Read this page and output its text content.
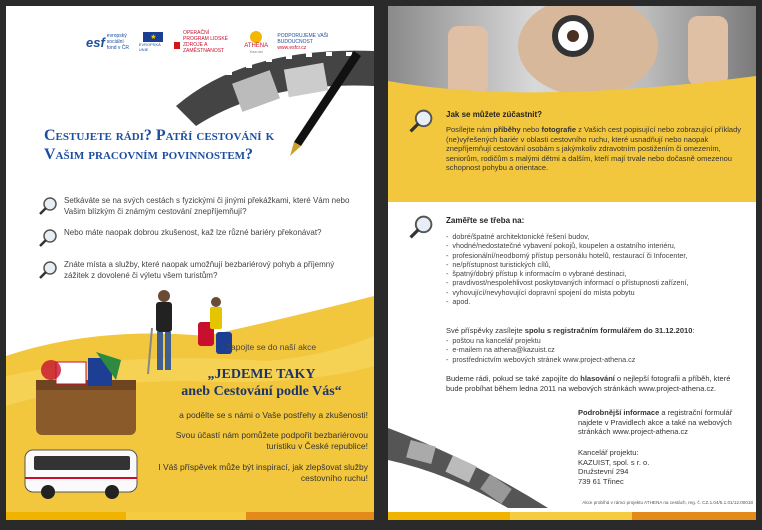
esf evropský sociální fond v ČR
★
EVROPSKÁ UNIE
OPERAČNÍ PROGRAM LIDSKÉ ZDROJE A ZAMĚSTNANOST
ATHENA
Kazuist
PODPORUJEME VAŠI BUDOUCNOST
www.esfcr.cz
Cestujete rádi? Patří cestování k Vašim pracovním povinnostem?
Setkáváte se na svých cestách s fyzickými či jinými překážkami, které Vám nebo Vašim blízkým či známým cestování znepříjemňují?
Nebo máte naopak dobrou zkušenost, kaž lze různé bariéry překonávat?
Znáte místa a služby, které naopak umožňují bezbariérový pohyb a příjemný zážitek z dovolené či výletu všem turistům?
Zapojte se do naší akce
„JEDEME TAKY
aneb Cestování podle Vás“
a podělte se s námi o Vaše postřehy a zkušenosti!
Svou účastí nám pomůžete podpořit bezbariérovou turistiku v České republice!
I Váš příspěvek může být inspirací, jak zlepšovat služby cestovního ruchu!
Jak se můžete zúčastnit?
Posílejte nám příběhy nebo fotografie z Vašich cest popisující nebo zobrazující příklady (ne)vyřešených bariér v oblasti cestovního ruchu, které usnadňují nebo naopak znepříjemňují cestování osobám s jakýmkoliv zdravotním postižením či omezením, seniorům, rodičům s malými dětmi a dalším, kteří mají trvale nebo dočasně omezenou schopnost pohybu a orientace.
Zaměřte se třeba na:
-  dobré/špatné architektonické řešení budov,
-  vhodné/nedostatečné vybavení pokojů, koupelen a ostatního interiéru,
-  profesionální/neodborný přístup personálu hotelů, restaurací či Infocenter,
-  ne/přístupnost turistických cílů,
-  špatný/dobrý přístup k informacím o vybrané destinaci,
-  pravdivost/nespolehlivost poskytovaných informací o přístupnosti zařízení,
-  vyhovující/nevyhovující dopravní spojení do místa pobytu
-  apod.
Své příspěvky zasílejte spolu s registračním formulářem do 31.12.2010:
-  poštou na kancelář projektu
-  e-mailem na athena@kazuist.cz
-  prostřednictvím webových stránek www.project-athena.cz
Budeme rádi, pokud se také zapojíte do hlasování o nejlepší fotografii a příběh, které bude probíhat během ledna 2011 na webových stránkách www.project-athena.cz.
Podrobnější informace a registrační formulář najdete v Pravidlech akce a také na webových stránkách www.project-athena.cz
Kancelář projektu:
KAZUIST, spol. s r. o.
Družstevní 294
739 61 Třinec
Akce probíhá v rámci projektu ATHENA na cestách, reg. č. CZ.1.04/5.1.01/12.00018
